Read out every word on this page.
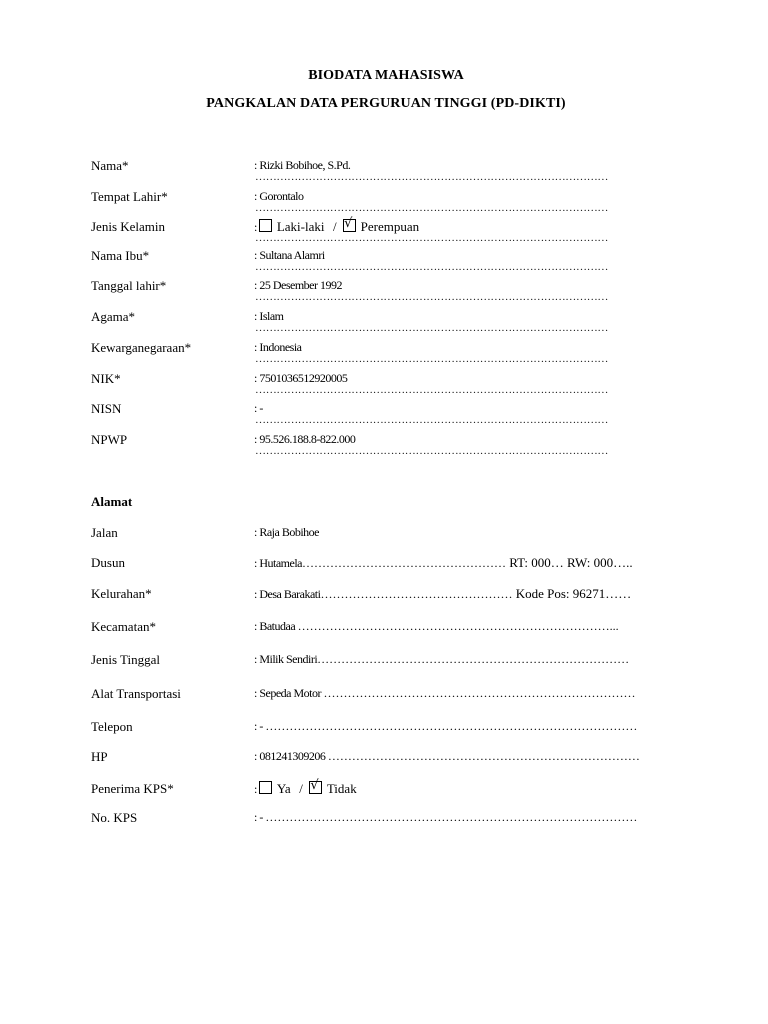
BIODATA MAHASISWA
PANGKALAN DATA PERGURUAN TINGGI (PD-DIKTI)
Nama*	: Rizki Bobihoe, S.Pd.
………………………………………………………………………………………
Tempat Lahir*	: Gorontalo
………………………………………………………………………………………
Jenis Kelamin	: Laki-laki / √ Perempuan
………………………………………………………………………………………
Nama Ibu*	: Sultana Alamri
………………………………………………………………………………………
Tanggal lahir*	: 25 Desember 1992
………………………………………………………………………………………
Agama*	: Islam
………………………………………………………………………………………
Kewarganegaraan*	: Indonesia
………………………………………………………………………………………
NIK*	: 7501036512920005
………………………………………………………………………………………
NISN	: -
………………………………………………………………………………………
NPWP	: 95.526.188.8-822.000
………………………………………………………………………………………
Alamat
Jalan	: Raja Bobihoe
Dusun	: Hutamela…………………………………………… RT: 000… RW: 000…..
Kelurahan*	: Desa Barakati………………………………………… Kode Pos: 96271……
Kecamatan*	: Batudaa ……………………………………………………………………...
Jenis Tinggal	: Milik Sendiri……………………………………………………………………
Alat Transportasi	: Sepeda Motor ……………………………………………………………………
Telepon	: - …………………………………………………………………………………
HP	: 081241309206 ……………………………………………………………………
Penerima KPS*	: Ya / √ Tidak
No. KPS	: - …………………………………………………………………………………
